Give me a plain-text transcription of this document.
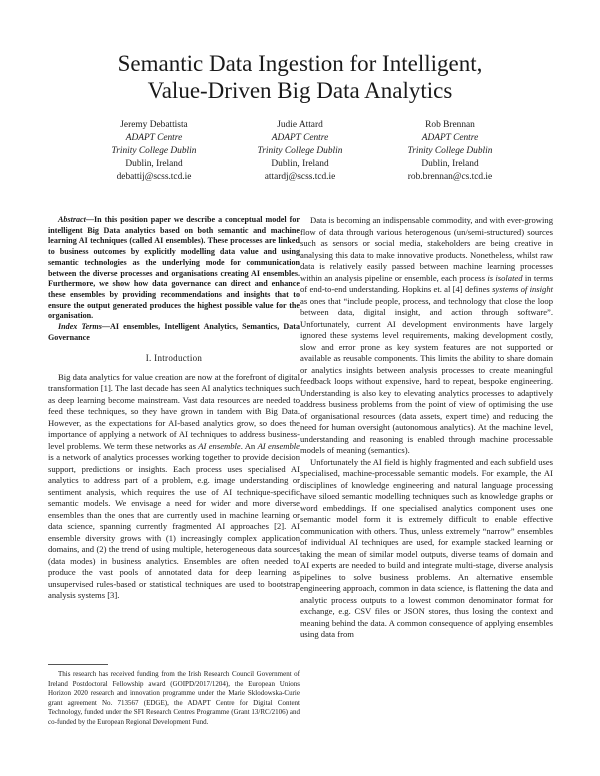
Semantic Data Ingestion for Intelligent,
Value-Driven Big Data Analytics
Jeremy Debattista
ADAPT Centre
Trinity College Dublin
Dublin, Ireland
debattij@scss.tcd.ie
Judie Attard
ADAPT Centre
Trinity College Dublin
Dublin, Ireland
attardj@scss.tcd.ie
Rob Brennan
ADAPT Centre
Trinity College Dublin
Dublin, Ireland
rob.brennan@cs.tcd.ie

Abstract—In this position paper we describe a conceptual model for intelligent Big Data analytics based on both semantic and machine learning AI techniques (called AI ensembles). These processes are linked to business outcomes by explicitly modelling data value and using semantic technologies as the underlying mode for communication between the diverse processes and organisations creating AI ensembles. Furthermore, we show how data governance can direct and enhance these ensembles by providing recommendations and insights that to ensure the output generated produces the highest possible value for the organisation.

Index Terms—AI ensembles, Intelligent Analytics, Semantics, Data Governance

I. Introduction

Big data analytics for value creation are now at the forefront of digital transformation [1]. The last decade has seen AI analytics techniques such as deep learning become mainstream. Vast data resources are needed to feed these techniques, so they have grown in tandem with Big Data. However, as the expectations for AI-based analytics grow, so does the importance of applying a network of AI techniques to address business-level problems. We term these networks as AI ensemble. An AI ensemble is a network of analytics processes working together to provide decision support, predictions or insights. Each process uses specialised AI analytics to address part of a problem, e.g. image understanding or sentiment analysis, which requires the use of AI technique-specific semantic models. We envisage a need for wider and more diverse ensembles than the ones that are currently used in machine learning or data science, spanning currently fragmented AI approaches [2]. AI ensemble diversity grows with (1) increasingly complex application domains, and (2) the trend of using multiple, heterogeneous data sources (data modes) in business analytics. Ensembles are often needed to produce the vast pools of annotated data for deep learning as unsupervised rules-based or statistical techniques are used to bootstrap analysis systems [3].

This research has received funding from the Irish Research Council Government of Ireland Postdoctoral Fellowship award (GOIPD/2017/1204), the European Unions Horizon 2020 research and innovation programme under the Marie Sklodowska-Curie grant agreement No. 713567 (EDGE), the ADAPT Centre for Digital Content Technology, funded under the SFI Research Centres Programme (Grant 13/RC/2106) and co-funded by the European Regional Development Fund.

Data is becoming an indispensable commodity, and with ever-growing flow of data through various heterogenous (un/semi-structured) sources such as sensors or social media, stakeholders are being creative in analysing this data to make innovative products. Nonetheless, whilst raw data is relatively easily passed between machine learning processes within an analysis pipeline or ensemble, each process is isolated in terms of end-to-end understanding. Hopkins et. al [4] defines systems of insight as ones that “include people, process, and technology that close the loop between data, digital insight, and action through software”. Unfortunately, current AI development environments have largely ignored these systems level requirements, making development costly, slow and error prone as key system features are not supported or available as reusable components. This limits the ability to share domain or analytics insights between analysis processes to create meaningful feedback loops without expensive, hard to repeat, bespoke engineering. Understanding is also key to elevating analytics processes to adaptively address business problems from the point of view of optimising the use of organisational resources (data assets, expert time) and reducing the need for human oversight (autonomous analytics). At the machine level, understanding and reasoning is enabled through machine processable models of meaning (semantics).

Unfortunately the AI field is highly fragmented and each subfield uses specialised, machine-processable semantic models. For example, the AI disciplines of knowledge engineering and natural language processing have siloed semantic modelling techniques such as knowledge graphs or word embeddings. If one specialised analytics component uses one semantic model form it is extremely difficult to enable effective communication with others. Thus, unless extremely “narrow” ensembles of individual AI techniques are used, for example stacked learning or taking the mean of similar model outputs, diverse teams of domain and AI experts are needed to build and integrate multi-stage, diverse analysis pipelines to solve business problems. An alternative ensemble engineering approach, common in data science, is flattening the data and analytic process outputs to a lowest common denominator format for exchange, e.g. CSV files or JSON stores, thus losing the context and meaning behind the data. A common consequence of applying ensembles using data from
